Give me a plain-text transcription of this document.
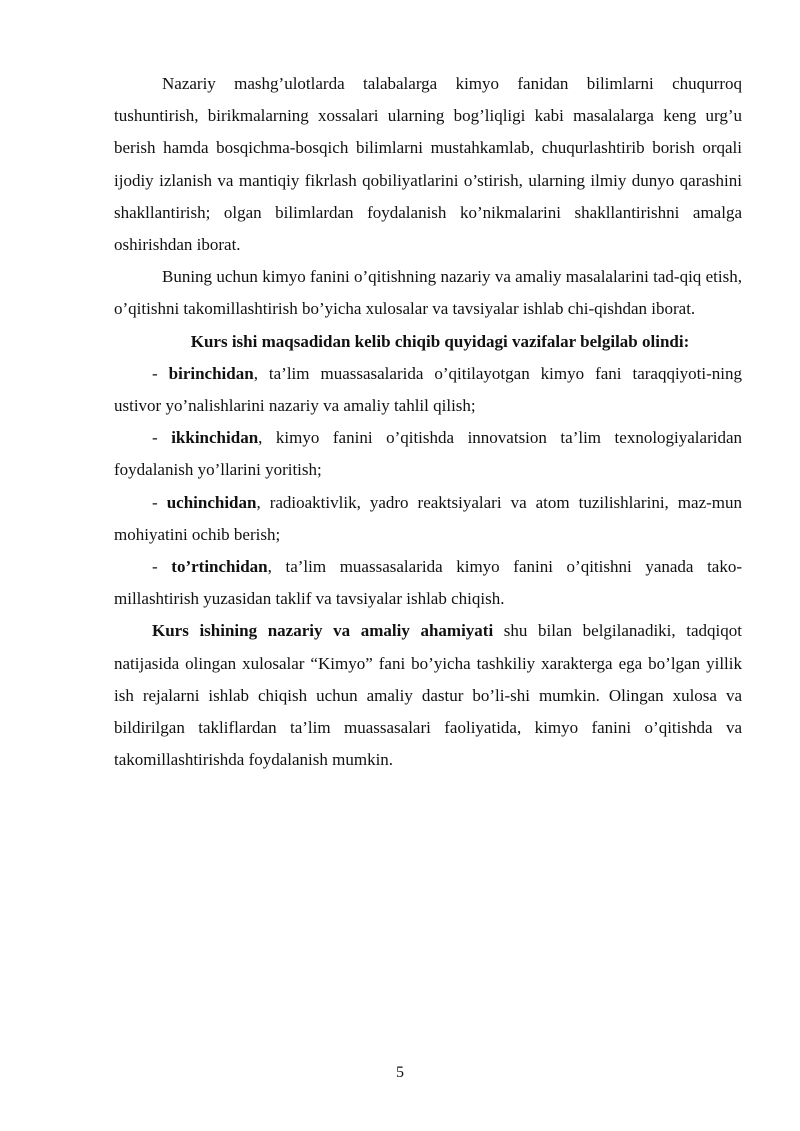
Nazariy mashg’ulotlarda talabalarga kimyo fanidan bilimlarni chuqurroq tushuntirish, birikmalarning xossalari ularning bog’liqligi kabi masalalarga keng urg’u berish hamda bosqichma-bosqich bilimlarni mustahkamlab, chuqurlashtirib borish orqali ijodiy izlanish va mantiqiy fikrlash qobiliyatlarini o’stirish, ularning ilmiy dunyo qarashini shakllantirish; olgan bilimlardan foydalanish ko’nikmalarini shakllantirishni amalga oshirishdan iborat.

Buning uchun kimyo fanini o’qitishning nazariy va amaliy masalalarini tad-qiq etish, o’qitishni takomillashtirish bo’yicha xulosalar va tavsiyalar ishlab chi-qishdan iborat.

Kurs ishi maqsadidan kelib chiqib quyidagi vazifalar belgilab olindi:

- birinchidan, ta’lim muassasalarida o’qitilayotgan kimyo fani taraqqiyoti-ning ustivor yo’nalishlarini nazariy va amaliy tahlil qilish;

- ikkinchidan, kimyo fanini o’qitishda innovatsion ta’lim texnologiyalaridan foydalanish yo’llarini yoritish;

- uchinchidan, radioaktivlik, yadro reaktsiyalari va atom tuzilishlarini, maz-mun mohiyatini ochib berish;

- to’rtinchidan, ta’lim muassasalarida kimyo fanini o’qitishni yanada tako-millashtirish yuzasidan taklif va tavsiyalar ishlab chiqish.

Kurs ishining nazariy va amaliy ahamiyati shu bilan belgilanadiki, tadqiqot natijasida olingan xulosalar “Kimyo” fani bo’yicha tashkiliy xarakterga ega bo’lgan yillik ish rejalarni ishlab chiqish uchun amaliy dastur bo’li-shi mumkin. Olingan xulosa va bildirilgan takliflardan ta’lim muassasalari faoliyatida, kimyo fanini o’qitishda va takomillashtirishda foydalanish mumkin.

5
